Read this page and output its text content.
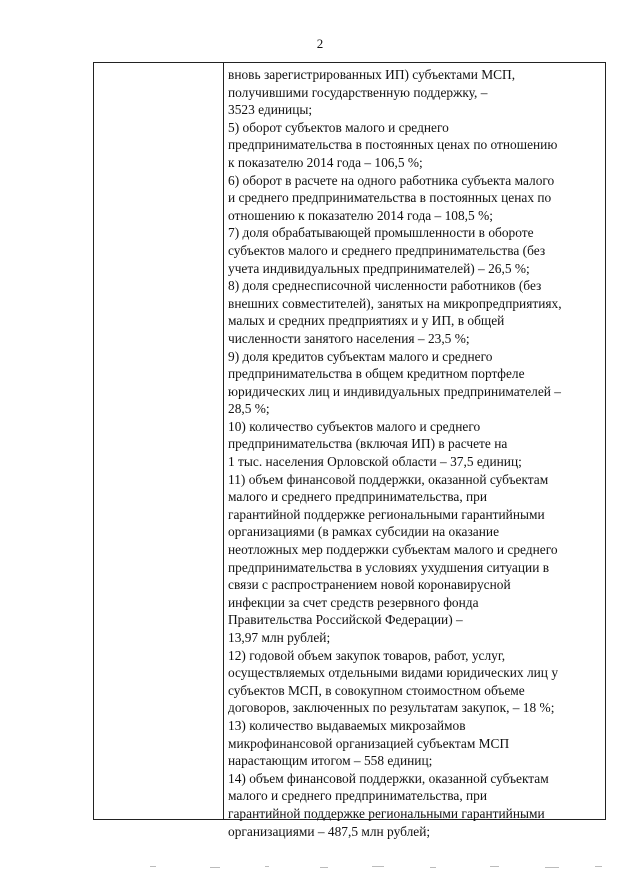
2
вновь зарегистрированных ИП) субъектами МСП,
получившими государственную поддержку, –
3523 единицы;
5) оборот субъектов малого и среднего
предпринимательства в постоянных ценах по отношению
к показателю 2014 года – 106,5 %;
6) оборот в расчете на одного работника субъекта малого
и среднего предпринимательства в постоянных ценах по
отношению к показателю 2014 года – 108,5 %;
7) доля обрабатывающей промышленности в обороте
субъектов малого и среднего предпринимательства (без
учета индивидуальных предпринимателей) – 26,5 %;
8) доля среднесписочной численности работников (без
внешних совместителей), занятых на микропредприятиях,
малых и средних предприятиях и у ИП, в общей
численности занятого населения – 23,5 %;
9) доля кредитов субъектам малого и среднего
предпринимательства в общем кредитном портфеле
юридических лиц и индивидуальных предпринимателей –
28,5 %;
10) количество субъектов малого и среднего
предпринимательства (включая ИП) в расчете на
1 тыс. населения Орловской области – 37,5 единиц;
11) объем финансовой поддержки, оказанной субъектам
малого и среднего предпринимательства, при
гарантийной поддержке региональными гарантийными
организациями (в рамках субсидии на оказание
неотложных мер поддержки субъектам малого и среднего
предпринимательства в условиях ухудшения ситуации в
связи с распространением новой коронавирусной
инфекции за счет средств резервного фонда
Правительства Российской Федерации) –
13,97 млн рублей;
12) годовой объем закупок товаров, работ, услуг,
осуществляемых отдельными видами юридических лиц у
субъектов МСП, в совокупном стоимостном объеме
договоров, заключенных по результатам закупок, – 18 %;
13) количество выдаваемых микрозаймов
микрофинансовой организацией субъектам МСП
нарастающим итогом – 558 единиц;
14) объем финансовой поддержки, оказанной субъектам
малого и среднего предпринимательства, при
гарантийной поддержке региональными гарантийными
организациями – 487,5 млн рублей;
